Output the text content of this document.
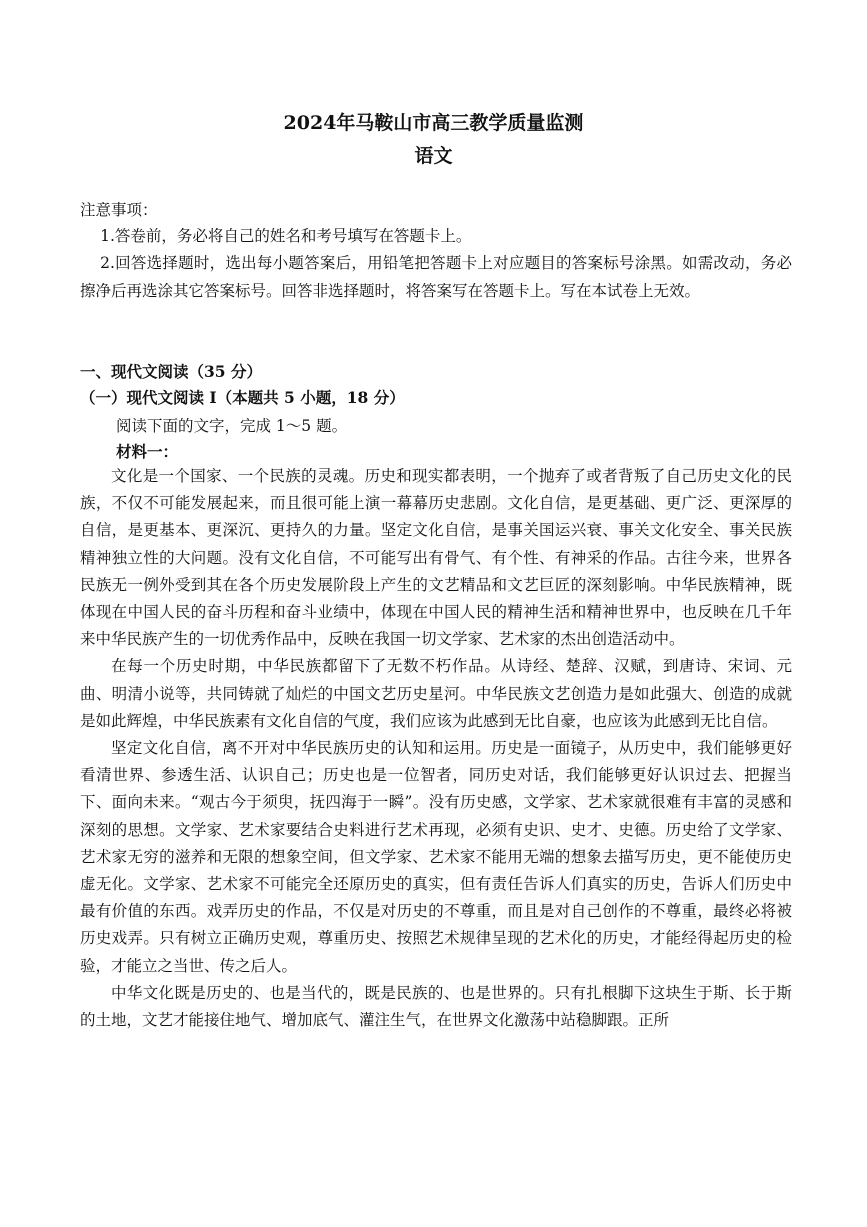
2024年马鞍山市高三教学质量监测
语文
注意事项：
1.答卷前，务必将自己的姓名和考号填写在答题卡上。
2.回答选择题时，选出每小题答案后，用铅笔把答题卡上对应题目的答案标号涂黑。如需改动，务必擦净后再选涂其它答案标号。回答非选择题时，将答案写在答题卡上。写在本试卷上无效。
一、现代文阅读（35 分）
（一）现代文阅读 I（本题共 5 小题，18 分）
阅读下面的文字，完成 1～5 题。
材料一：

文化是一个国家、一个民族的灵魂。历史和现实都表明，一个抛弃了或者背叛了自己历史文化的民族，不仅不可能发展起来，而且很可能上演一幕幕历史悲剧。文化自信，是更基础、更广泛、更深厚的自信，是更基本、更深沉、更持久的力量。坚定文化自信，是事关国运兴衰、事关文化安全、事关民族精神独立性的大问题。没有文化自信，不可能写出有骨气、有个性、有神采的作品。古往今来，世界各民族无一例外受到其在各个历史发展阶段上产生的文艺精品和文艺巨匠的深刻影响。中华民族精神，既体现在中国人民的奋斗历程和奋斗业绩中，体现在中国人民的精神生活和精神世界中，也反映在几千年来中华民族产生的一切优秀作品中，反映在我国一切文学家、艺术家的杰出创造活动中。

在每一个历史时期，中华民族都留下了无数不朽作品。从诗经、楚辞、汉赋，到唐诗、宋词、元曲、明清小说等，共同铸就了灿烂的中国文艺历史星河。中华民族文艺创造力是如此强大、创造的成就是如此辉煌，中华民族素有文化自信的气度，我们应该为此感到无比自豪，也应该为此感到无比自信。

坚定文化自信，离不开对中华民族历史的认知和运用。历史是一面镜子，从历史中，我们能够更好看清世界、参透生活、认识自己；历史也是一位智者，同历史对话，我们能够更好认识过去、把握当下、面向未来。“观古今于须臾，抚四海于一瞬”。没有历史感，文学家、艺术家就很难有丰富的灵感和深刻的思想。文学家、艺术家要结合史料进行艺术再现，必须有史识、史才、史德。历史给了文学家、艺术家无穷的滋养和无限的想象空间，但文学家、艺术家不能用无端的想象去描写历史，更不能使历史虚无化。文学家、艺术家不可能完全还原历史的真实，但有责任告诉人们真实的历史，告诉人们历史中最有价值的东西。戏弄历史的作品，不仅是对历史的不尊重，而且是对自己创作的不尊重，最终必将被历史戏弄。只有树立正确历史观，尊重历史、按照艺术规律呈现的艺术化的历史，才能经得起历史的检验，才能立之当世、传之后人。

中华文化既是历史的、也是当代的，既是民族的、也是世界的。只有扎根脚下这块生于斯、长于斯的土地，文艺才能接住地气、增加底气、灌注生气，在世界文化激荡中站稳脚跟。正所
